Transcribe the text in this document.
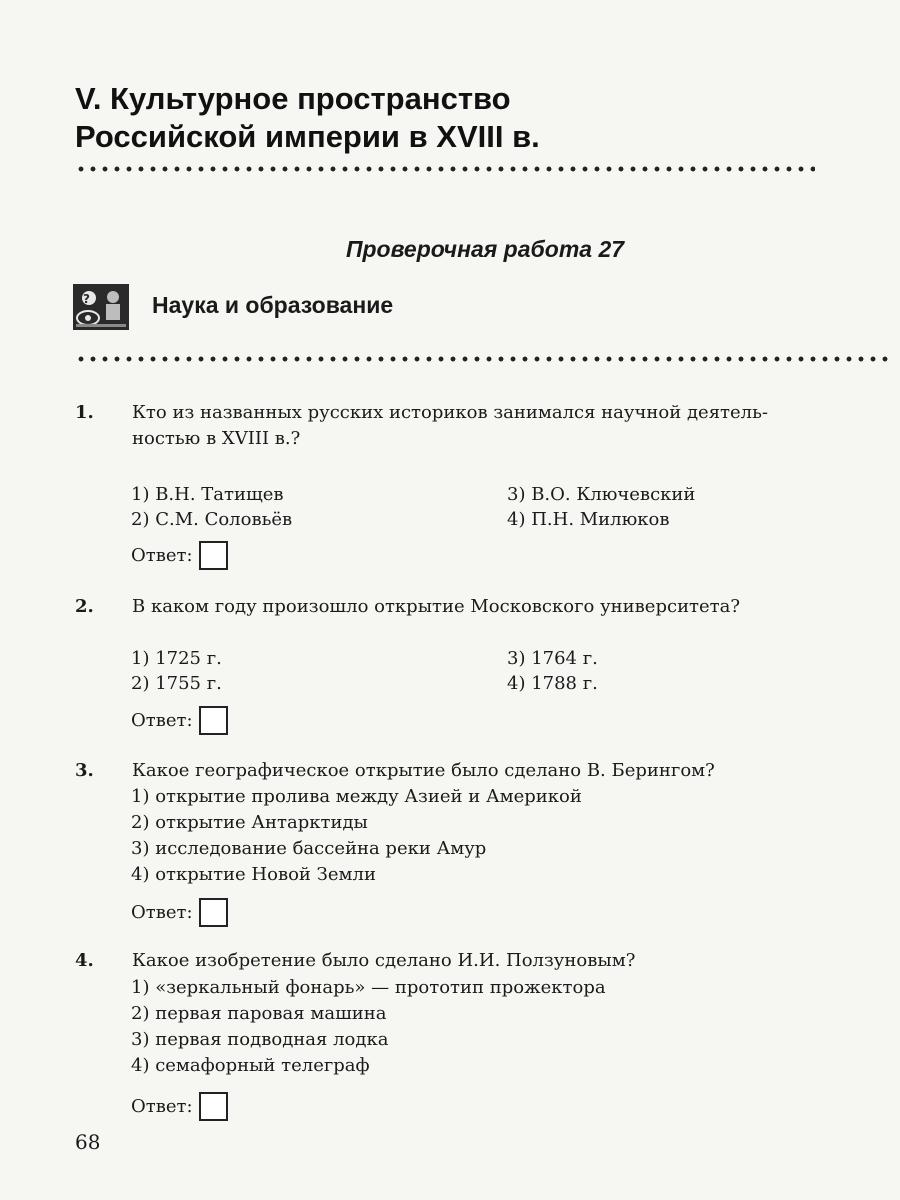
V. Культурное пространство
Российской империи в XVIII в.
Проверочная работа 27
?	Наука и образование
1. Кто из названных русских историков занимался научной деятель-
ностью в XVIII в.?
1) В.Н. Татищев
2) С.М. Соловьёв
3) В.О. Ключевский
4) П.Н. Милюков
Ответ:
2. В каком году произошло открытие Московского университета?
1) 1725 г.
2) 1755 г.
3) 1764 г.
4) 1788 г.
Ответ:
3. Какое географическое открытие было сделано В. Берингом?
1) открытие пролива между Азией и Америкой
2) открытие Антарктиды
3) исследование бассейна реки Амур
4) открытие Новой Земли
Ответ:
4. Какое изобретение было сделано И.И. Ползуновым?
1) «зеркальный фонарь» — прототип прожектора
2) первая паровая машина
3) первая подводная лодка
4) семафорный телеграф
Ответ:
68
